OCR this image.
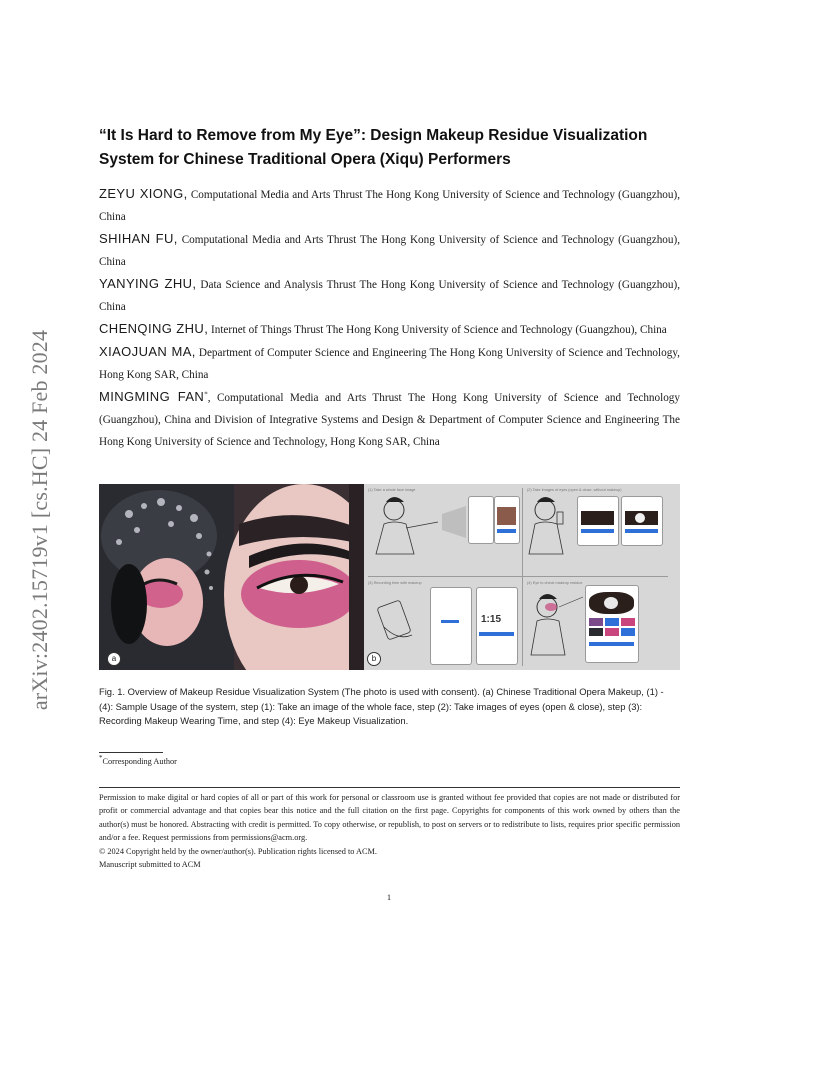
arXiv:2402.15719v1 [cs.HC] 24 Feb 2024
“It Is Hard to Remove from My Eye”: Design Makeup Residue Visualization
System for Chinese Traditional Opera (Xiqu) Performers

ZEYU XIONG, Computational Media and Arts Thrust The Hong Kong University of Science and Technology (Guangzhou), China

SHIHAN FU, Computational Media and Arts Thrust The Hong Kong University of Science and Technology (Guangzhou), China

YANYING ZHU, Data Science and Analysis Thrust The Hong Kong University of Science and Technology (Guangzhou), China

CHENQING ZHU, Internet of Things Thrust The Hong Kong University of Science and Technology (Guangzhou), China

XIAOJUAN MA, Department of Computer Science and Engineering The Hong Kong University of Science and Technology, Hong Kong SAR, China

MINGMING FAN*, Computational Media and Arts Thrust The Hong Kong University of Science and Technology (Guangzhou), China and Division of Integrative Systems and Design & Department of Computer Science and Engineering The Hong Kong University of Science and Technology, Hong Kong SAR, China

a
(1) Take a whole face image	(2) Take images of eyes (open & close, without makeup)
(3) Recording time with makeup
1:15
(4) Eye to check makeup residue
b
Fig. 1. Overview of Makeup Residue Visualization System (The photo is used with consent). (a) Chinese Traditional Opera Makeup, (1) - (4): Sample Usage of the system, step (1): Take an image of the whole face, step (2): Take images of eyes (open & close), step (3): Recording Makeup Wearing Time, and step (4): Eye Makeup Visualization.
*Corresponding Author

Permission to make digital or hard copies of all or part of this work for personal or classroom use is granted without fee provided that copies are not made or distributed for profit or commercial advantage and that copies bear this notice and the full citation on the first page. Copyrights for components of this work owned by others than the author(s) must be honored. Abstracting with credit is permitted. To copy otherwise, or republish, to post on servers or to redistribute to lists, requires prior specific permission and/or a fee. Request permissions from permissions@acm.org.

© 2024 Copyright held by the owner/author(s). Publication rights licensed to ACM.

Manuscript submitted to ACM

1
